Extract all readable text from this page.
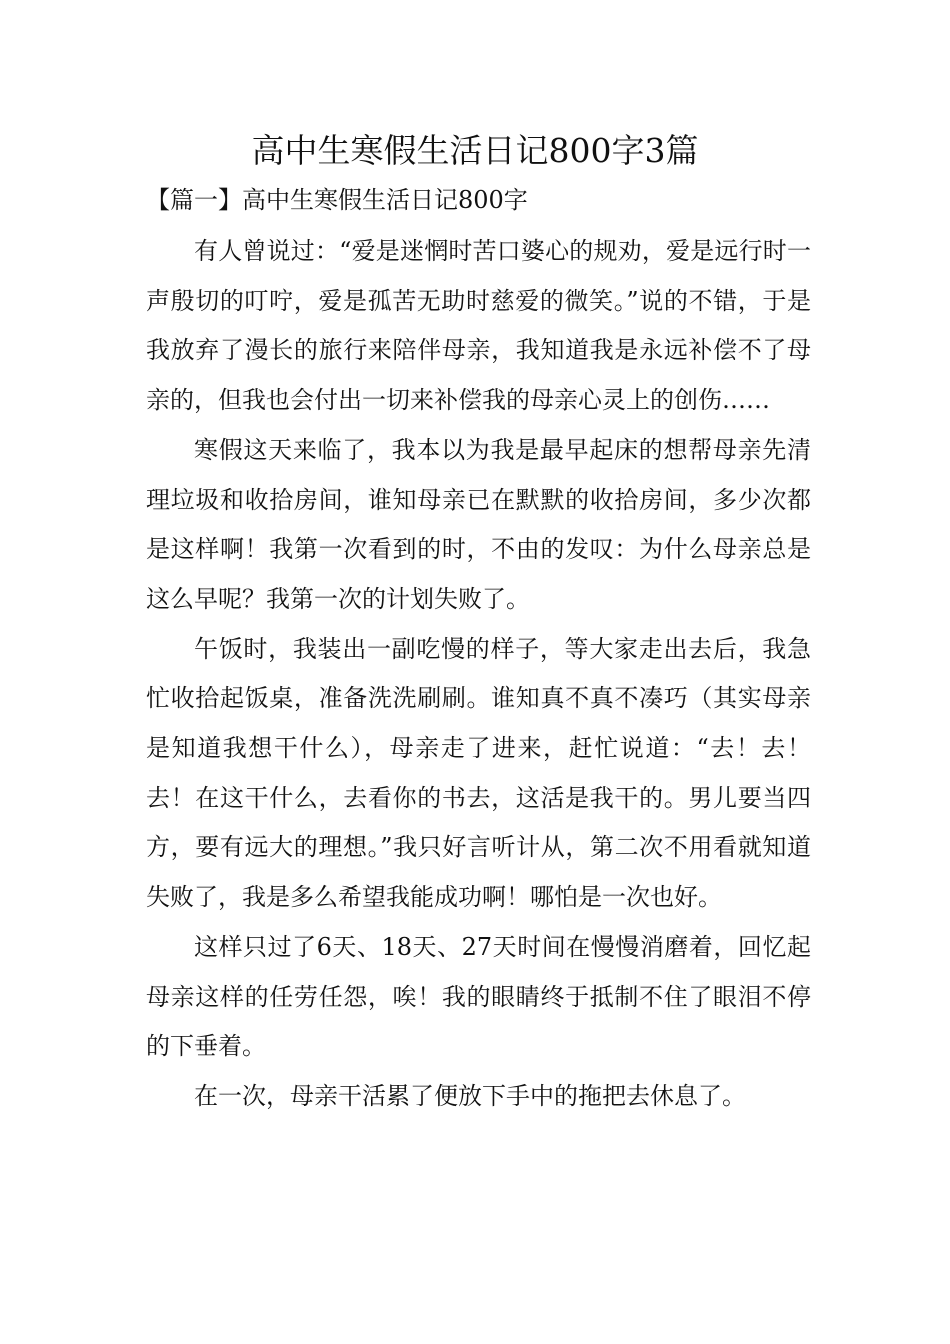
高中生寒假生活日记800字3篇
【篇一】高中生寒假生活日记800字

有人曾说过：“爱是迷惘时苦口婆心的规劝，爱是远行时一声殷切的叮咛，爱是孤苦无助时慈爱的微笑。”说的不错，于是我放弃了漫长的旅行来陪伴母亲，我知道我是永远补偿不了母亲的，但我也会付出一切来补偿我的母亲心灵上的创伤……

寒假这天来临了，我本以为我是最早起床的想帮母亲先清理垃圾和收拾房间，谁知母亲已在默默的收拾房间，多少次都是这样啊！我第一次看到的时，不由的发叹：为什么母亲总是这么早呢？我第一次的计划失败了。

午饭时，我装出一副吃慢的样子，等大家走出去后，我急忙收拾起饭桌，准备洗洗刷刷。谁知真不真不凑巧（其实母亲是知道我想干什么），母亲走了进来，赶忙说道：“去！去！去！在这干什么，去看你的书去，这活是我干的。男儿要当四方，要有远大的理想。”我只好言听计从，第二次不用看就知道失败了，我是多么希望我能成功啊！哪怕是一次也好。

这样只过了6天、18天、27天时间在慢慢消磨着，回忆起母亲这样的任劳任怨，唉！我的眼睛终于抵制不住了眼泪不停的下垂着。

在一次，母亲干活累了便放下手中的拖把去休息了。
